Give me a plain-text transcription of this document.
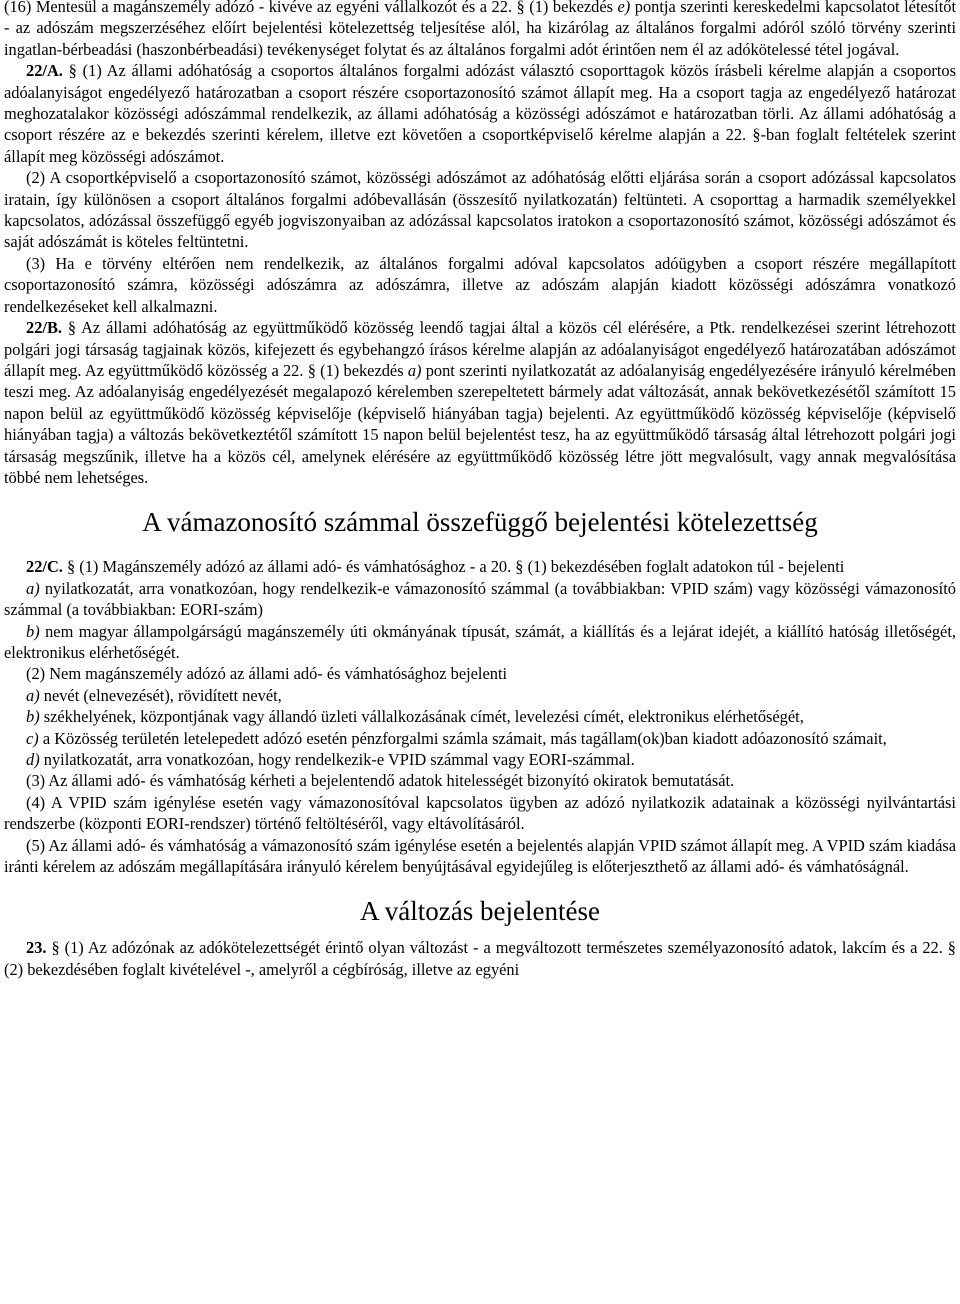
(16) Mentesül a magánszemély adózó - kivéve az egyéni vállalkozót és a 22. § (1) bekezdés e) pontja szerinti kereskedelmi kapcsolatot létesítőt - az adószám megszerzéséhez előírt bejelentési kötelezettség teljesítése alól, ha kizárólag az általános forgalmi adóról szóló törvény szerinti ingatlan-bérbeadási (haszonbérbeadási) tevékenységet folytat és az általános forgalmi adót érintően nem él az adókötelessé tétel jogával.

22/A. § (1) Az állami adóhatóság a csoportos általános forgalmi adózást választó csoporttagok közös írásbeli kérelme alapján a csoportos adóalanyiságot engedélyező határozatban a csoport részére csoportazonosító számot állapít meg. Ha a csoport tagja az engedélyező határozat meghozatalakor közösségi adószámmal rendelkezik, az állami adóhatóság a közösségi adószámot e határozatban törli. Az állami adóhatóság a csoport részére az e bekezdés szerinti kérelem, illetve ezt követően a csoportképviselő kérelme alapján a 22. §-ban foglalt feltételek szerint állapít meg közösségi adószámot.

(2) A csoportképviselő a csoportazonosító számot, közösségi adószámot az adóhatóság előtti eljárása során a csoport adózással kapcsolatos iratain, így különösen a csoport általános forgalmi adóbevallásán (összesítő nyilatkozatán) feltünteti. A csoporttag a harmadik személyekkel kapcsolatos, adózással összefüggő egyéb jogviszonyaiban az adózással kapcsolatos iratokon a csoportazonosító számot, közösségi adószámot és saját adószámát is köteles feltüntetni.

(3) Ha e törvény eltérően nem rendelkezik, az általános forgalmi adóval kapcsolatos adóügyben a csoport részére megállapított csoportazonosító számra, közösségi adószámra az adószámra, illetve az adószám alapján kiadott közösségi adószámra vonatkozó rendelkezéseket kell alkalmazni.

22/B. § Az állami adóhatóság az együttműködő közösség leendő tagjai által a közös cél elérésére, a Ptk. rendelkezései szerint létrehozott polgári jogi társaság tagjainak közös, kifejezett és egybehangzó írásos kérelme alapján az adóalanyiságot engedélyező határozatában adószámot állapít meg. Az együttműködő közösség a 22. § (1) bekezdés a) pont szerinti nyilatkozatát az adóalanyiság engedélyezésére irányuló kérelmében teszi meg. Az adóalanyiság engedélyezését megalapozó kérelemben szerepeltetett bármely adat változását, annak bekövetkezésétől számított 15 napon belül az együttműködő közösség képviselője (képviselő hiányában tagja) bejelenti. Az együttműködő közösség képviselője (képviselő hiányában tagja) a változás bekövetkeztétől számított 15 napon belül bejelentést tesz, ha az együttműködő társaság által létrehozott polgári jogi társaság megszűnik, illetve ha a közös cél, amelynek elérésére az együttműködő közösség létre jött megvalósult, vagy annak megvalósítása többé nem lehetséges.

A vámazonosító számmal összefüggő bejelentési kötelezettség

22/C. § (1) Magánszemély adózó az állami adó- és vámhatósághoz - a 20. § (1) bekezdésében foglalt adatokon túl - bejelenti

a) nyilatkozatát, arra vonatkozóan, hogy rendelkezik-e vámazonosító számmal (a továbbiakban: VPID szám) vagy közösségi vámazonosító számmal (a továbbiakban: EORI-szám)

b) nem magyar állampolgárságú magánszemély úti okmányának típusát, számát, a kiállítás és a lejárat idejét, a kiállító hatóság illetőségét, elektronikus elérhetőségét.

(2) Nem magánszemély adózó az állami adó- és vámhatósághoz bejelenti

a) nevét (elnevezését), rövidített nevét,

b) székhelyének, központjának vagy állandó üzleti vállalkozásának címét, levelezési címét, elektronikus elérhetőségét,

c) a Közösség területén letelepedett adózó esetén pénzforgalmi számla számait, más tagállam(ok)ban kiadott adóazonosító számait,

d) nyilatkozatát, arra vonatkozóan, hogy rendelkezik-e VPID számmal vagy EORI-számmal.

(3) Az állami adó- és vámhatóság kérheti a bejelentendő adatok hitelességét bizonyító okiratok bemutatását.

(4) A VPID szám igénylése esetén vagy vámazonosítóval kapcsolatos ügyben az adózó nyilatkozik adatainak a közösségi nyilvántartási rendszerbe (központi EORI-rendszer) történő feltöltéséről, vagy eltávolításáról.

(5) Az állami adó- és vámhatóság a vámazonosító szám igénylése esetén a bejelentés alapján VPID számot állapít meg. A VPID szám kiadása iránti kérelem az adószám megállapítására irányuló kérelem benyújtásával egyidejűleg is előterjeszthető az állami adó- és vámhatóságnál.

A változás bejelentése

23. § (1) Az adózónak az adókötelezettségét érintő olyan változást - a megváltozott természetes személyazonosító adatok, lakcím és a 22. § (2) bekezdésében foglalt kivételével -, amelyről a cégbíróság, illetve az egyéni
